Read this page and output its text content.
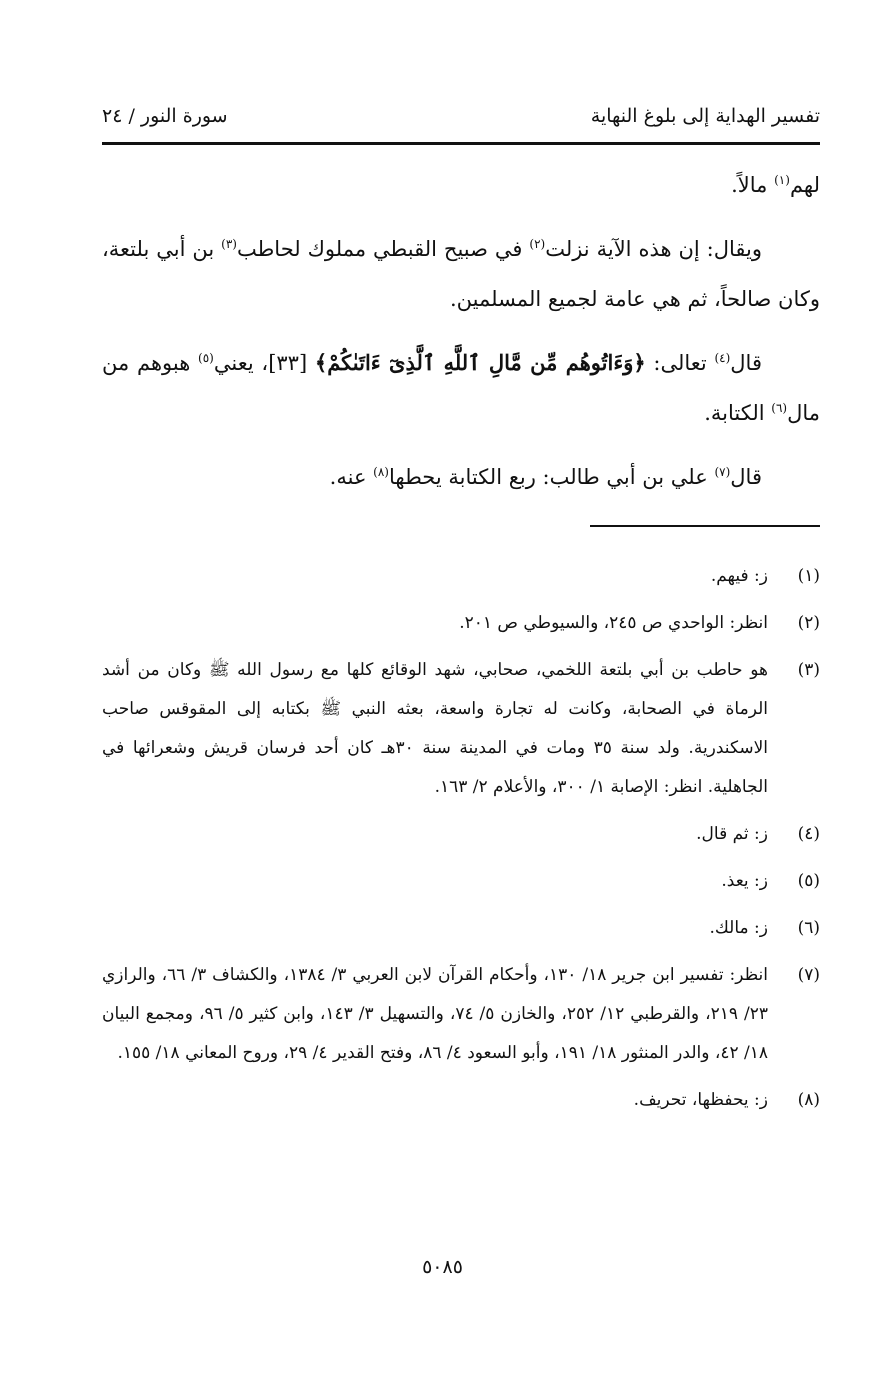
تفسير الهداية إلى بلوغ النهاية
سورة النور / ٢٤

لهم$^{(١)}$ مالاً.

ويقال: إن هذه الآية نزلت$^{(٢)}$ في صبيح القبطي مملوك لحاطب$^{(٣)}$ بن أبي بلتعة، وكان صالحاً، ثم هي عامة لجميع المسلمين.

قال$^{(٤)}$ تعالى: ﴿وَءَاتُوهُم مِّن مَّالِ ٱللَّهِ ٱلَّذِىٓ ءَاتَىٰكُمْ﴾ [٣٣]، يعني$^{(٥)}$ هبوهم من مال$^{(٦)}$ الكتابة.

قال$^{(٧)}$ علي بن أبي طالب: ربع الكتابة يحطها$^{(٨)}$ عنه.

(١)
ز: فيهم.
(٢)
انظر: الواحدي ص ٢٤٥، والسيوطي ص ٢٠١.
(٣)
هو حاطب بن أبي بلتعة اللخمي، صحابي، شهد الوقائع كلها مع رسول الله ﷺ وكان من أشد الرماة في الصحابة، وكانت له تجارة واسعة، بعثه النبي ﷺ بكتابه إلى المقوقس صاحب الاسكندرية. ولد سنة ٣٥ ومات في المدينة سنة ٣٠هـ كان أحد فرسان قريش وشعرائها في الجاهلية. انظر: الإصابة ١/ ٣٠٠، والأعلام ٢/ ١٦٣.
(٤)
ز: ثم قال.
(٥)
ز: يعذ.
(٦)
ز: مالك.
(٧)
انظر: تفسير ابن جرير ١٨/ ١٣٠، وأحكام القرآن لابن العربي ٣/ ١٣٨٤، والكشاف ٣/ ٦٦، والرازي ٢٣/ ٢١٩، والقرطبي ١٢/ ٢٥٢، والخازن ٥/ ٧٤، والتسهيل ٣/ ١٤٣، وابن كثير ٥/ ٩٦، ومجمع البيان ١٨/ ٤٢، والدر المنثور ١٨/ ١٩١، وأبو السعود ٤/ ٨٦، وفتح القدير ٤/ ٢٩، وروح المعاني ١٨/ ١٥٥.
(٨)
ز: يحفظها، تحريف.
٥٠٨٥
